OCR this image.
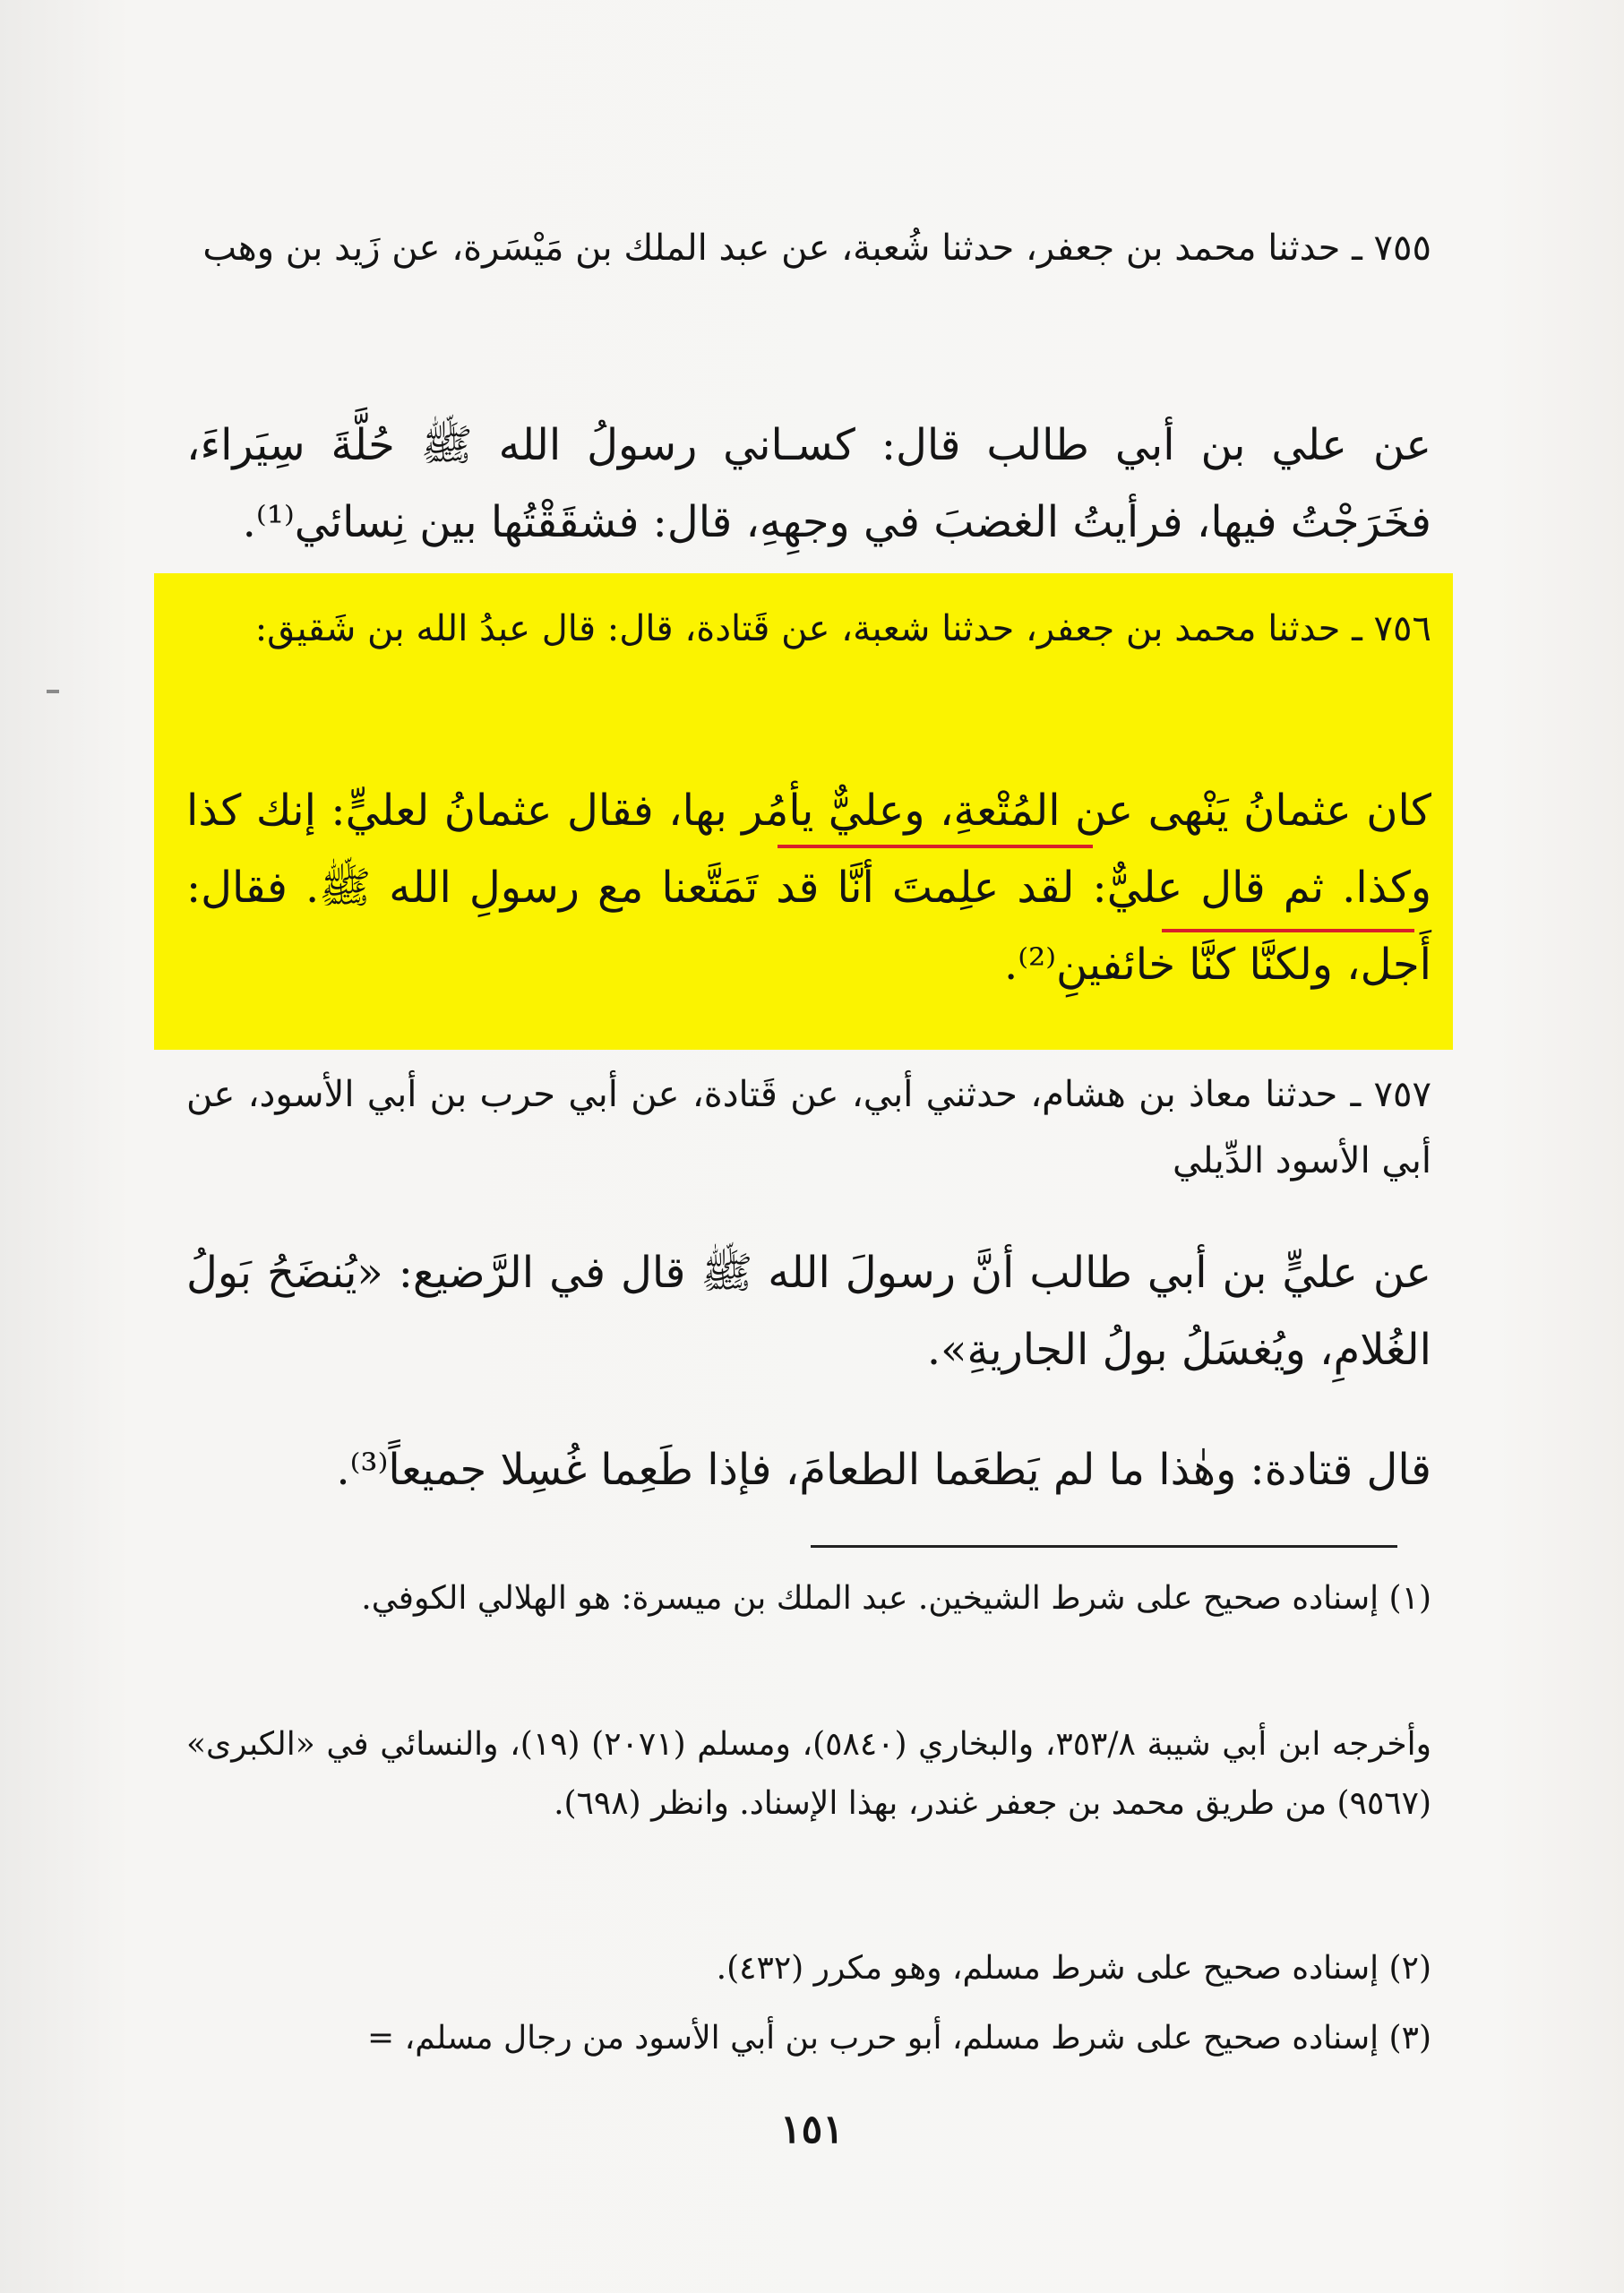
٧٥٥ ـ حدثنا محمد بن جعفر، حدثنا شُعبة، عن عبد الملك بن مَيْسَرة، عن زَيد بن وهب

عن علي بن أبي طالب قال: كسـاني رسولُ الله ﷺ حُلَّةَ سِيَراءَ، فخَرَجْتُ فيها، فرأيتُ الغضبَ في وجهِهِ، قال: فشقَقْتُها بين نِسائي⁽¹⁾.

٧٥٦ ـ حدثنا محمد بن جعفر، حدثنا شعبة، عن قَتادة، قال: قال عبدُ الله بن شَقيق:

كان عثمانُ يَنْهى عن المُتْعةِ، وعليٌّ يأمُر بها، فقال عثمانُ لعليٍّ: إنك كذا وكذا. ثم قال عليٌّ: لقد علِمتَ أنَّا قد تَمَتَّعنا مع رسولِ الله ﷺ. فقال: أَجل، ولكنَّا كنَّا خائفينِ⁽²⁾.

٧٥٧ ـ حدثنا معاذ بن هشام، حدثني أبي، عن قَتادة، عن أبي حرب بن أبي الأسود، عن أبي الأسود الدِّيلي

عن عليٍّ بن أبي طالب أنَّ رسولَ الله ﷺ قال في الرَّضيع: «يُنضَحُ بَولُ الغُلامِ، ويُغسَلُ بولُ الجاريةِ».

قال قتادة: وهٰذا ما لم يَطعَما الطعامَ، فإذا طَعِما غُسِلا جميعاً⁽³⁾.

(١) إسناده صحيح على شرط الشيخين. عبد الملك بن ميسرة: هو الهلالي الكوفي.

وأخرجه ابن أبي شيبة ٣٥٣/٨، والبخاري (٥٨٤٠)، ومسلم (٢٠٧١) (١٩)، والنسائي في «الكبرى» (٩٥٦٧) من طريق محمد بن جعفر غندر، بهذا الإسناد. وانظر (٦٩٨).

(٢) إسناده صحيح على شرط مسلم، وهو مكرر (٤٣٢).

(٣) إسناده صحيح على شرط مسلم، أبو حرب بن أبي الأسود من رجال مسلم، =

١٥١
